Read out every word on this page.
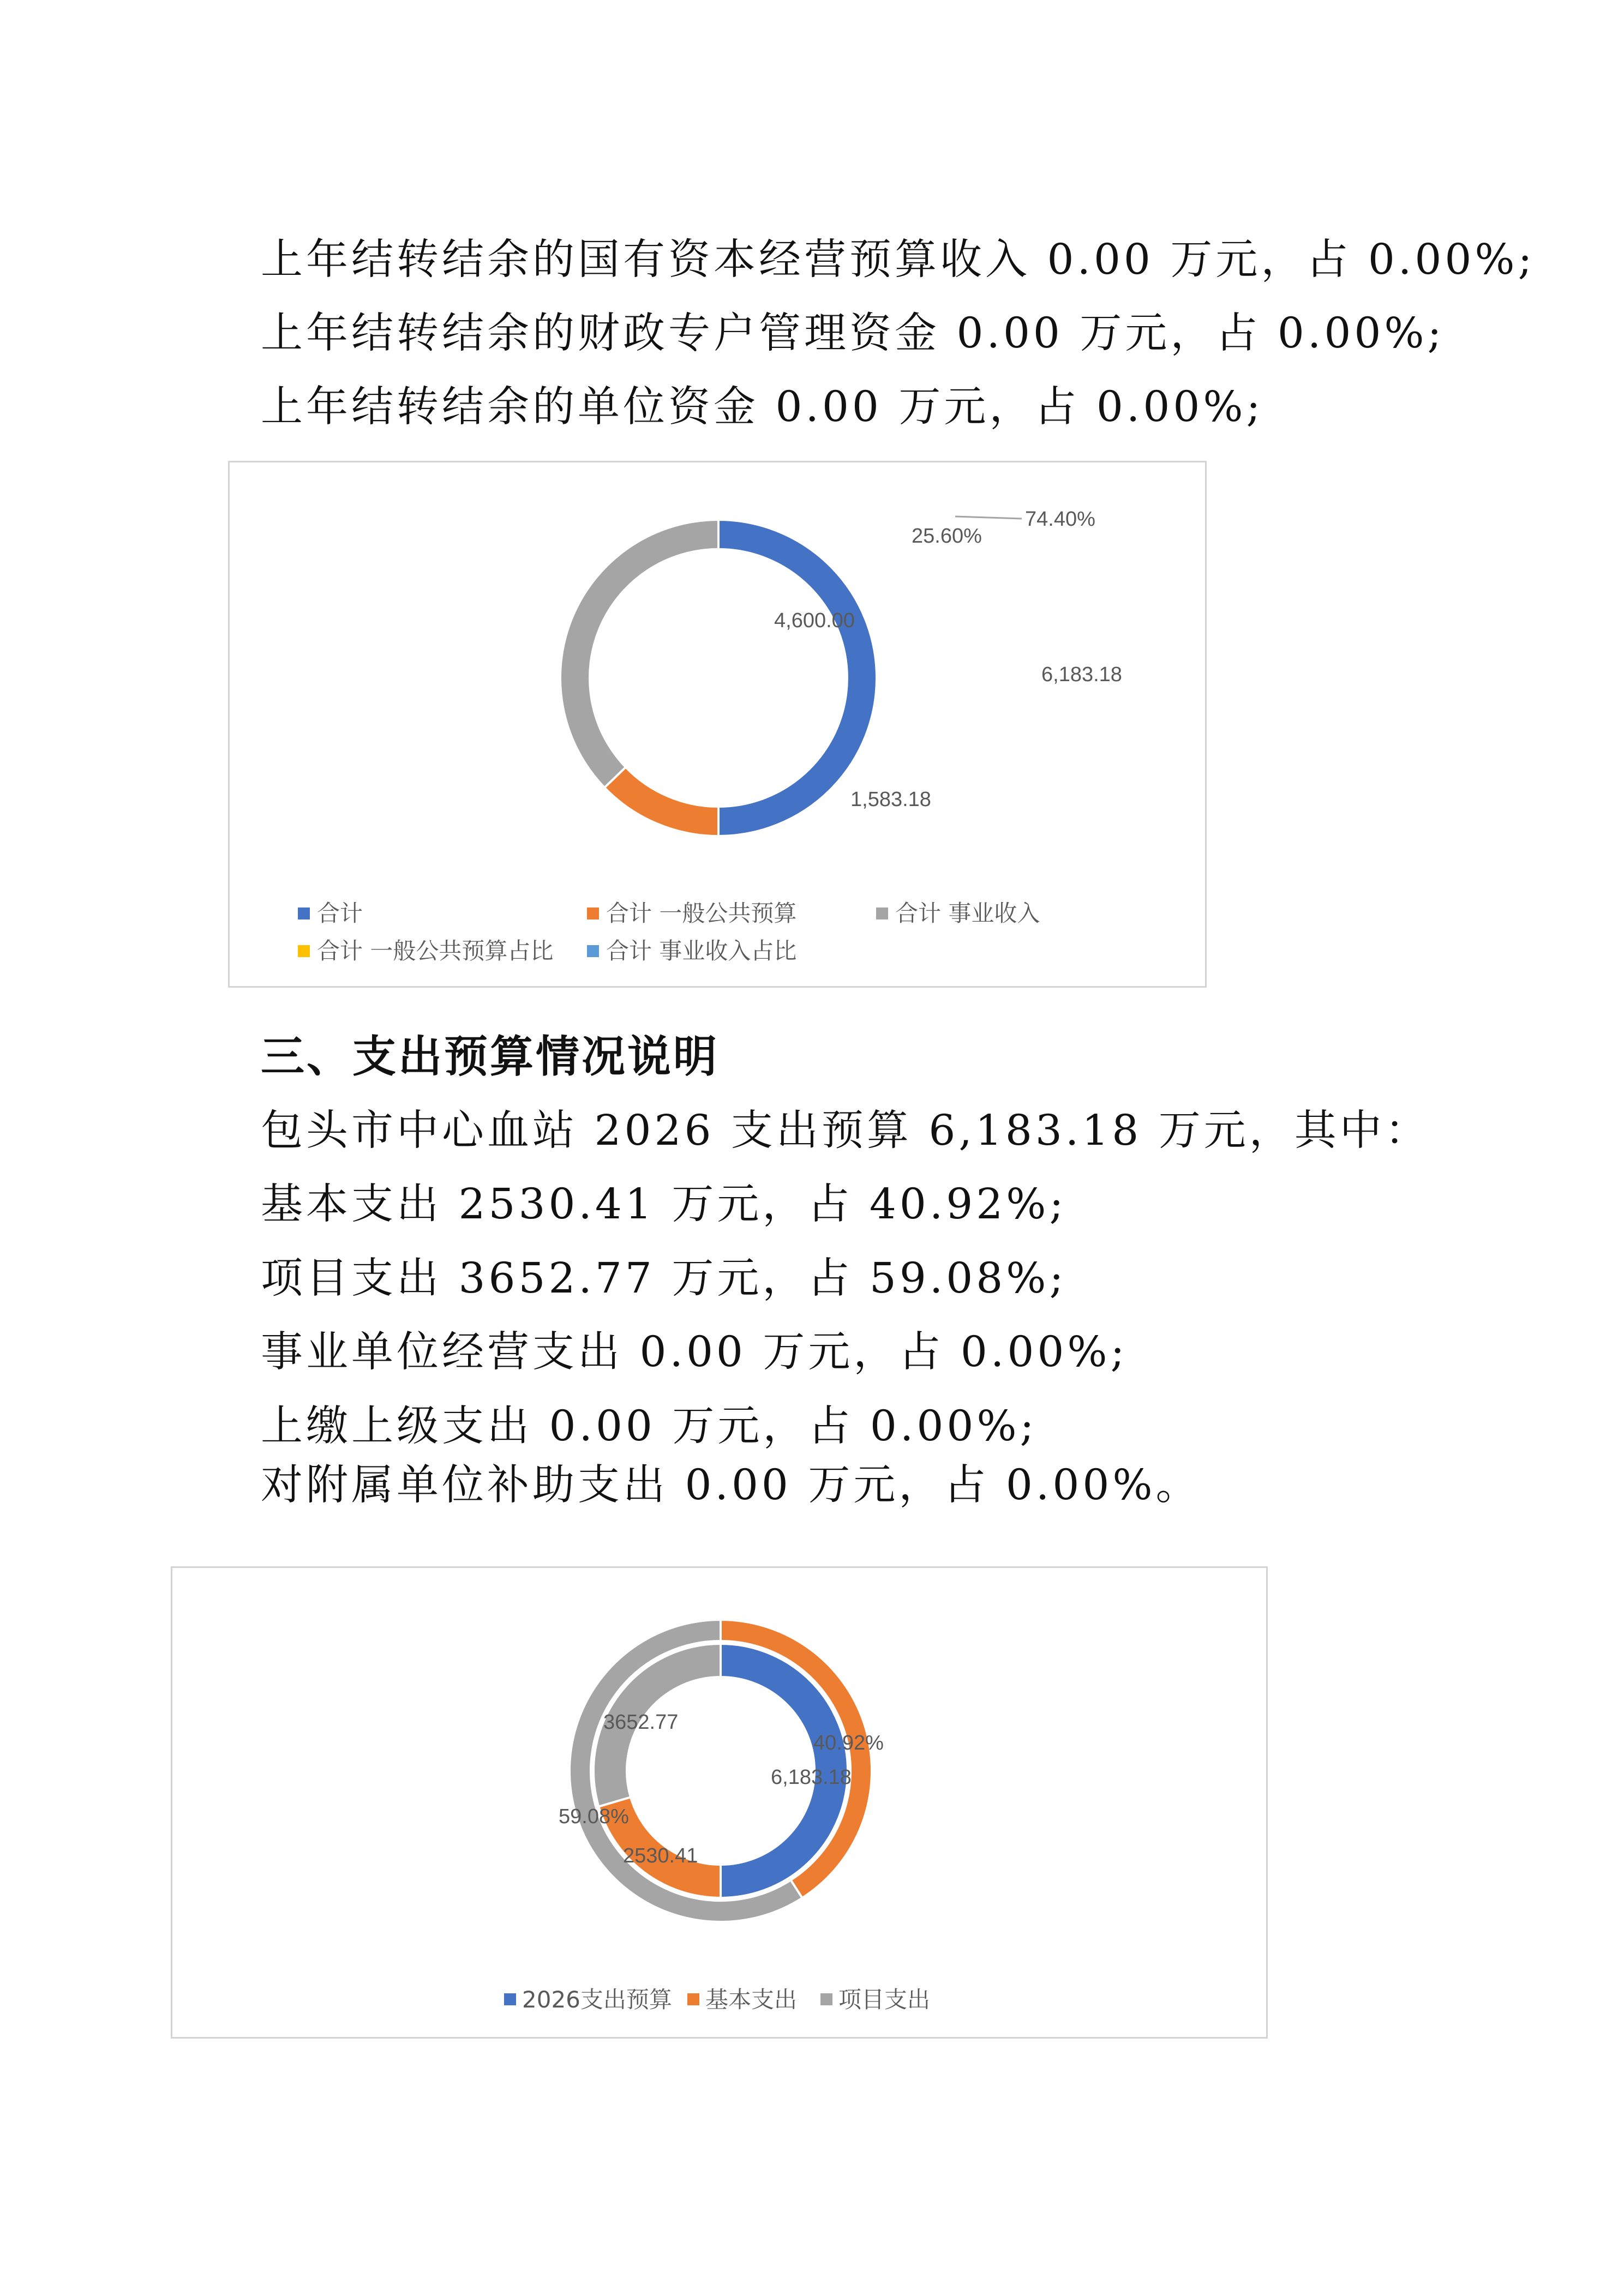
上年结转结余的国有资本经营预算收入 0.00 万元，占 0.00%;

上年结转结余的财政专户管理资金 0.00 万元，占 0.00%;

上年结转结余的单位资金 0.00 万元，占 0.00%;

74.40%
25.60%
4,600.00
6,183.18
1,583.18
合计	合计 一般公共预算	合计 事业收入
合计 一般公共预算占比 合计 事业收入占比
三、支出预算情况说明

包头市中心血站 2026 支出预算 6,183.18 万元，其中：

基本支出 2530.41 万元，占 40.92%;

项目支出 3652.77 万元，占 59.08%;

事业单位经营支出 0.00 万元，占 0.00%;

上缴上级支出 0.00 万元，占 0.00%;

对附属单位补助支出 0.00 万元，占 0.00%。

40.92%
6,183.18
3652.77
59.08%
2530.41
2026支出预算 基本支出 项目支出
